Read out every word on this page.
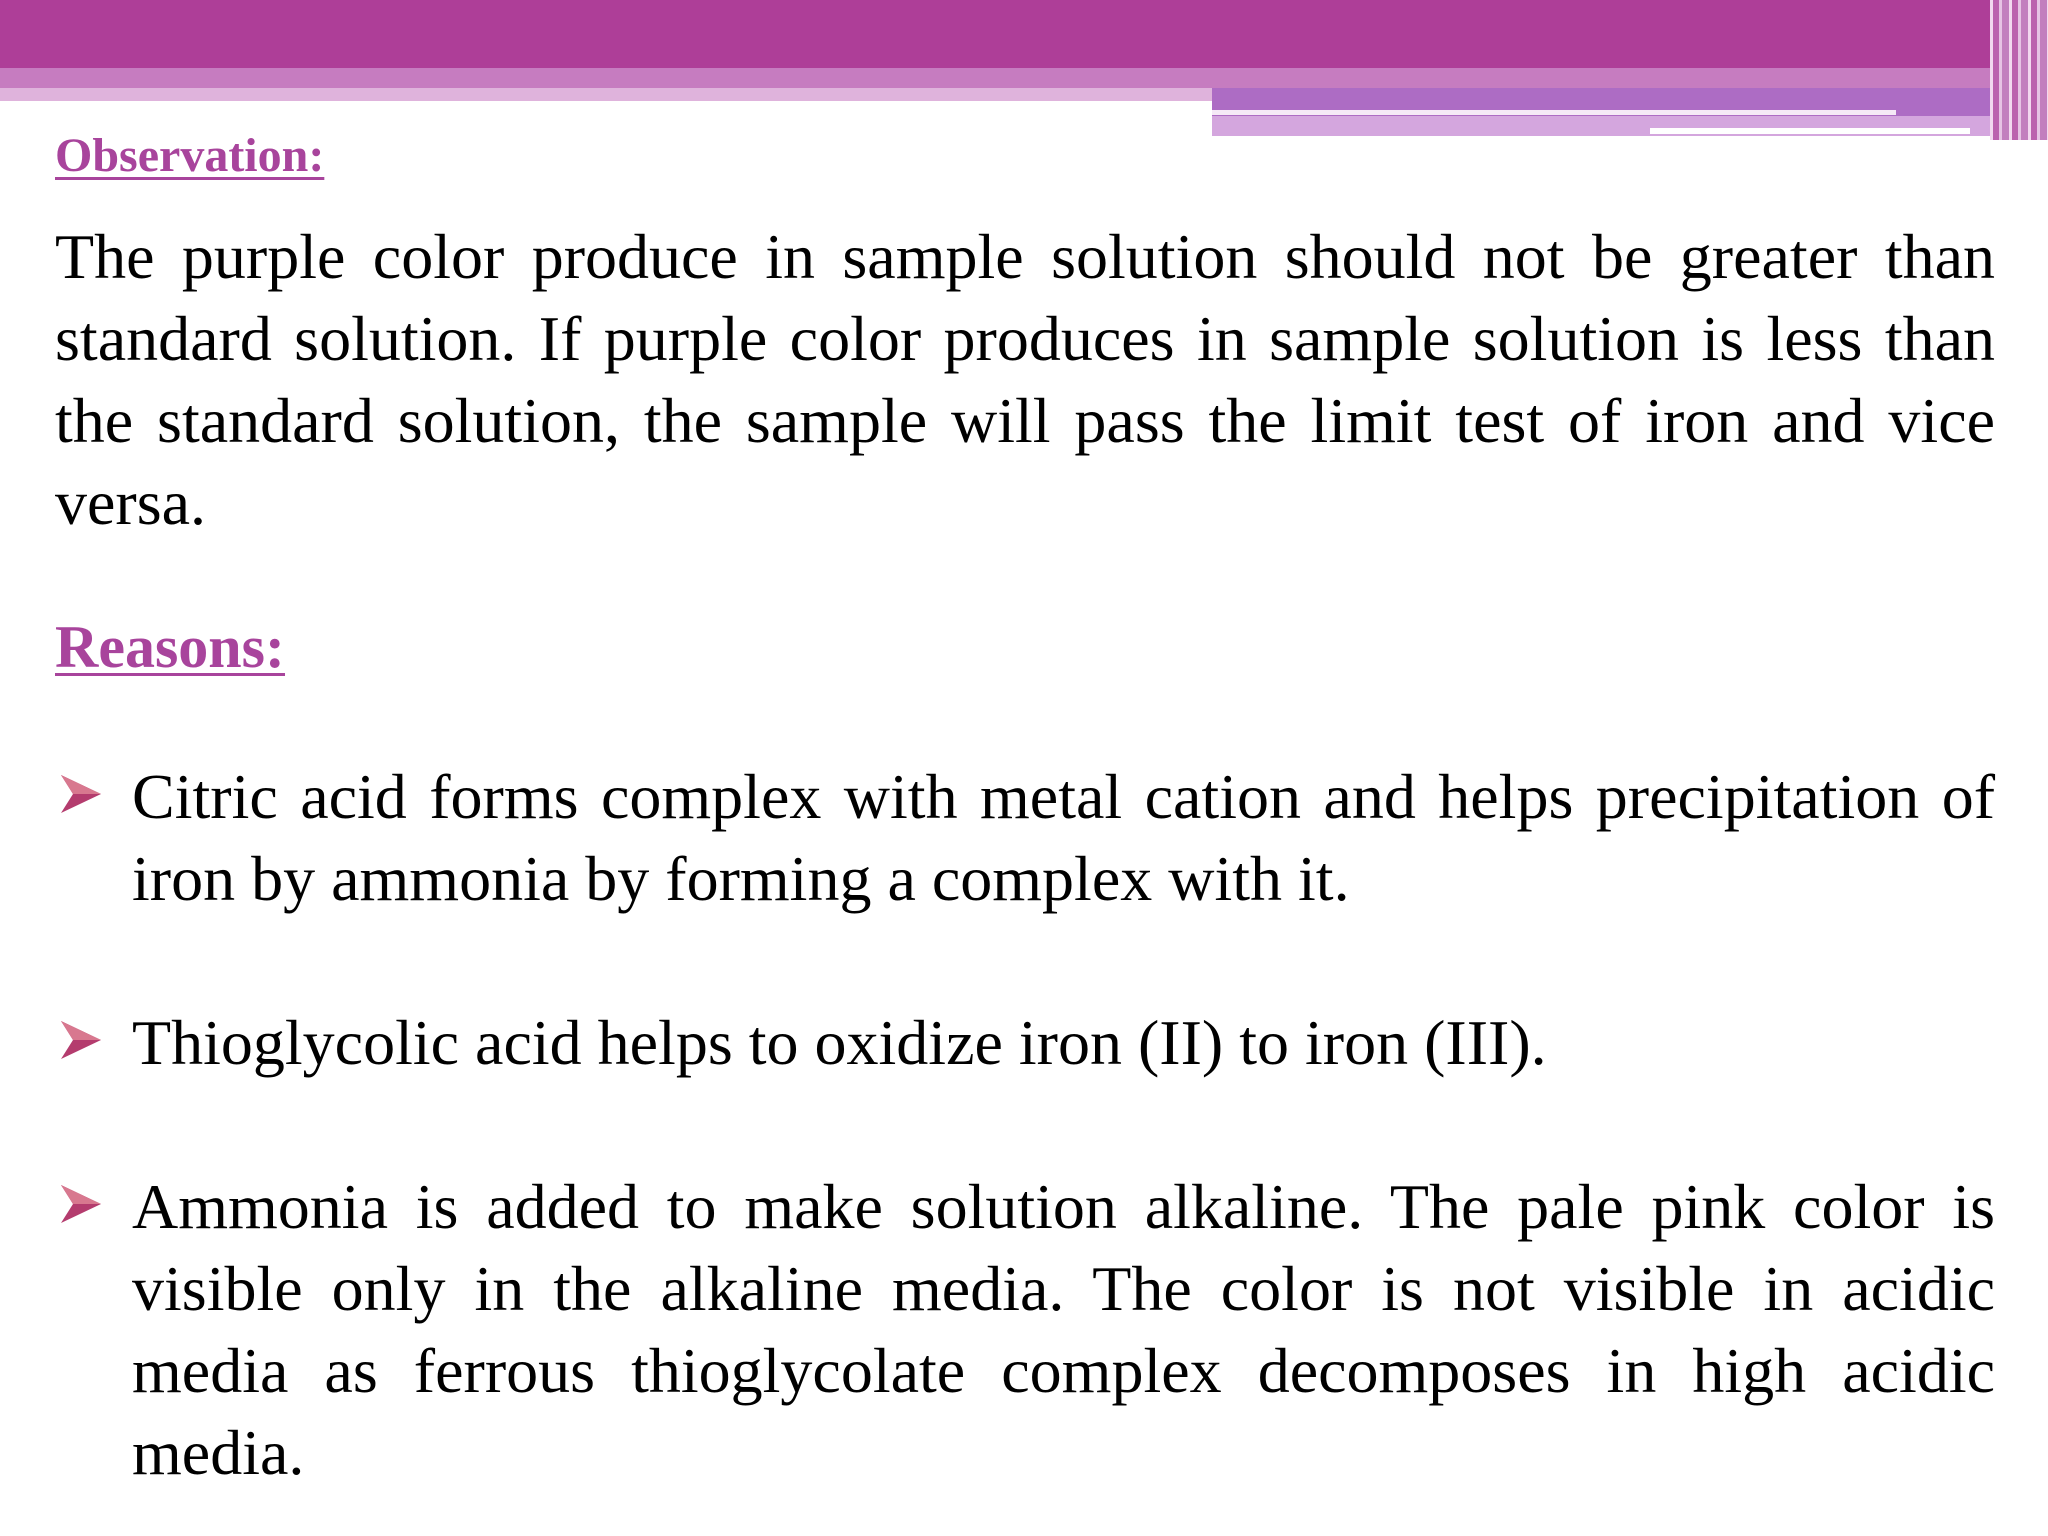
Observation:

The purple color produce in sample solution should not be greater than standard solution. If purple color produces in sample solution is less than the standard solution, the sample will pass the limit test of iron and vice versa.

Reasons:

Citric acid forms complex with metal cation and helps precipitation of iron by ammonia by forming a complex with it.

Thioglycolic acid helps to oxidize iron (II) to iron (III).

Ammonia is added to make solution alkaline. The pale pink color is visible only in the alkaline media. The color is not visible in acidic media as ferrous thioglycolate complex decomposes in high acidic media.
